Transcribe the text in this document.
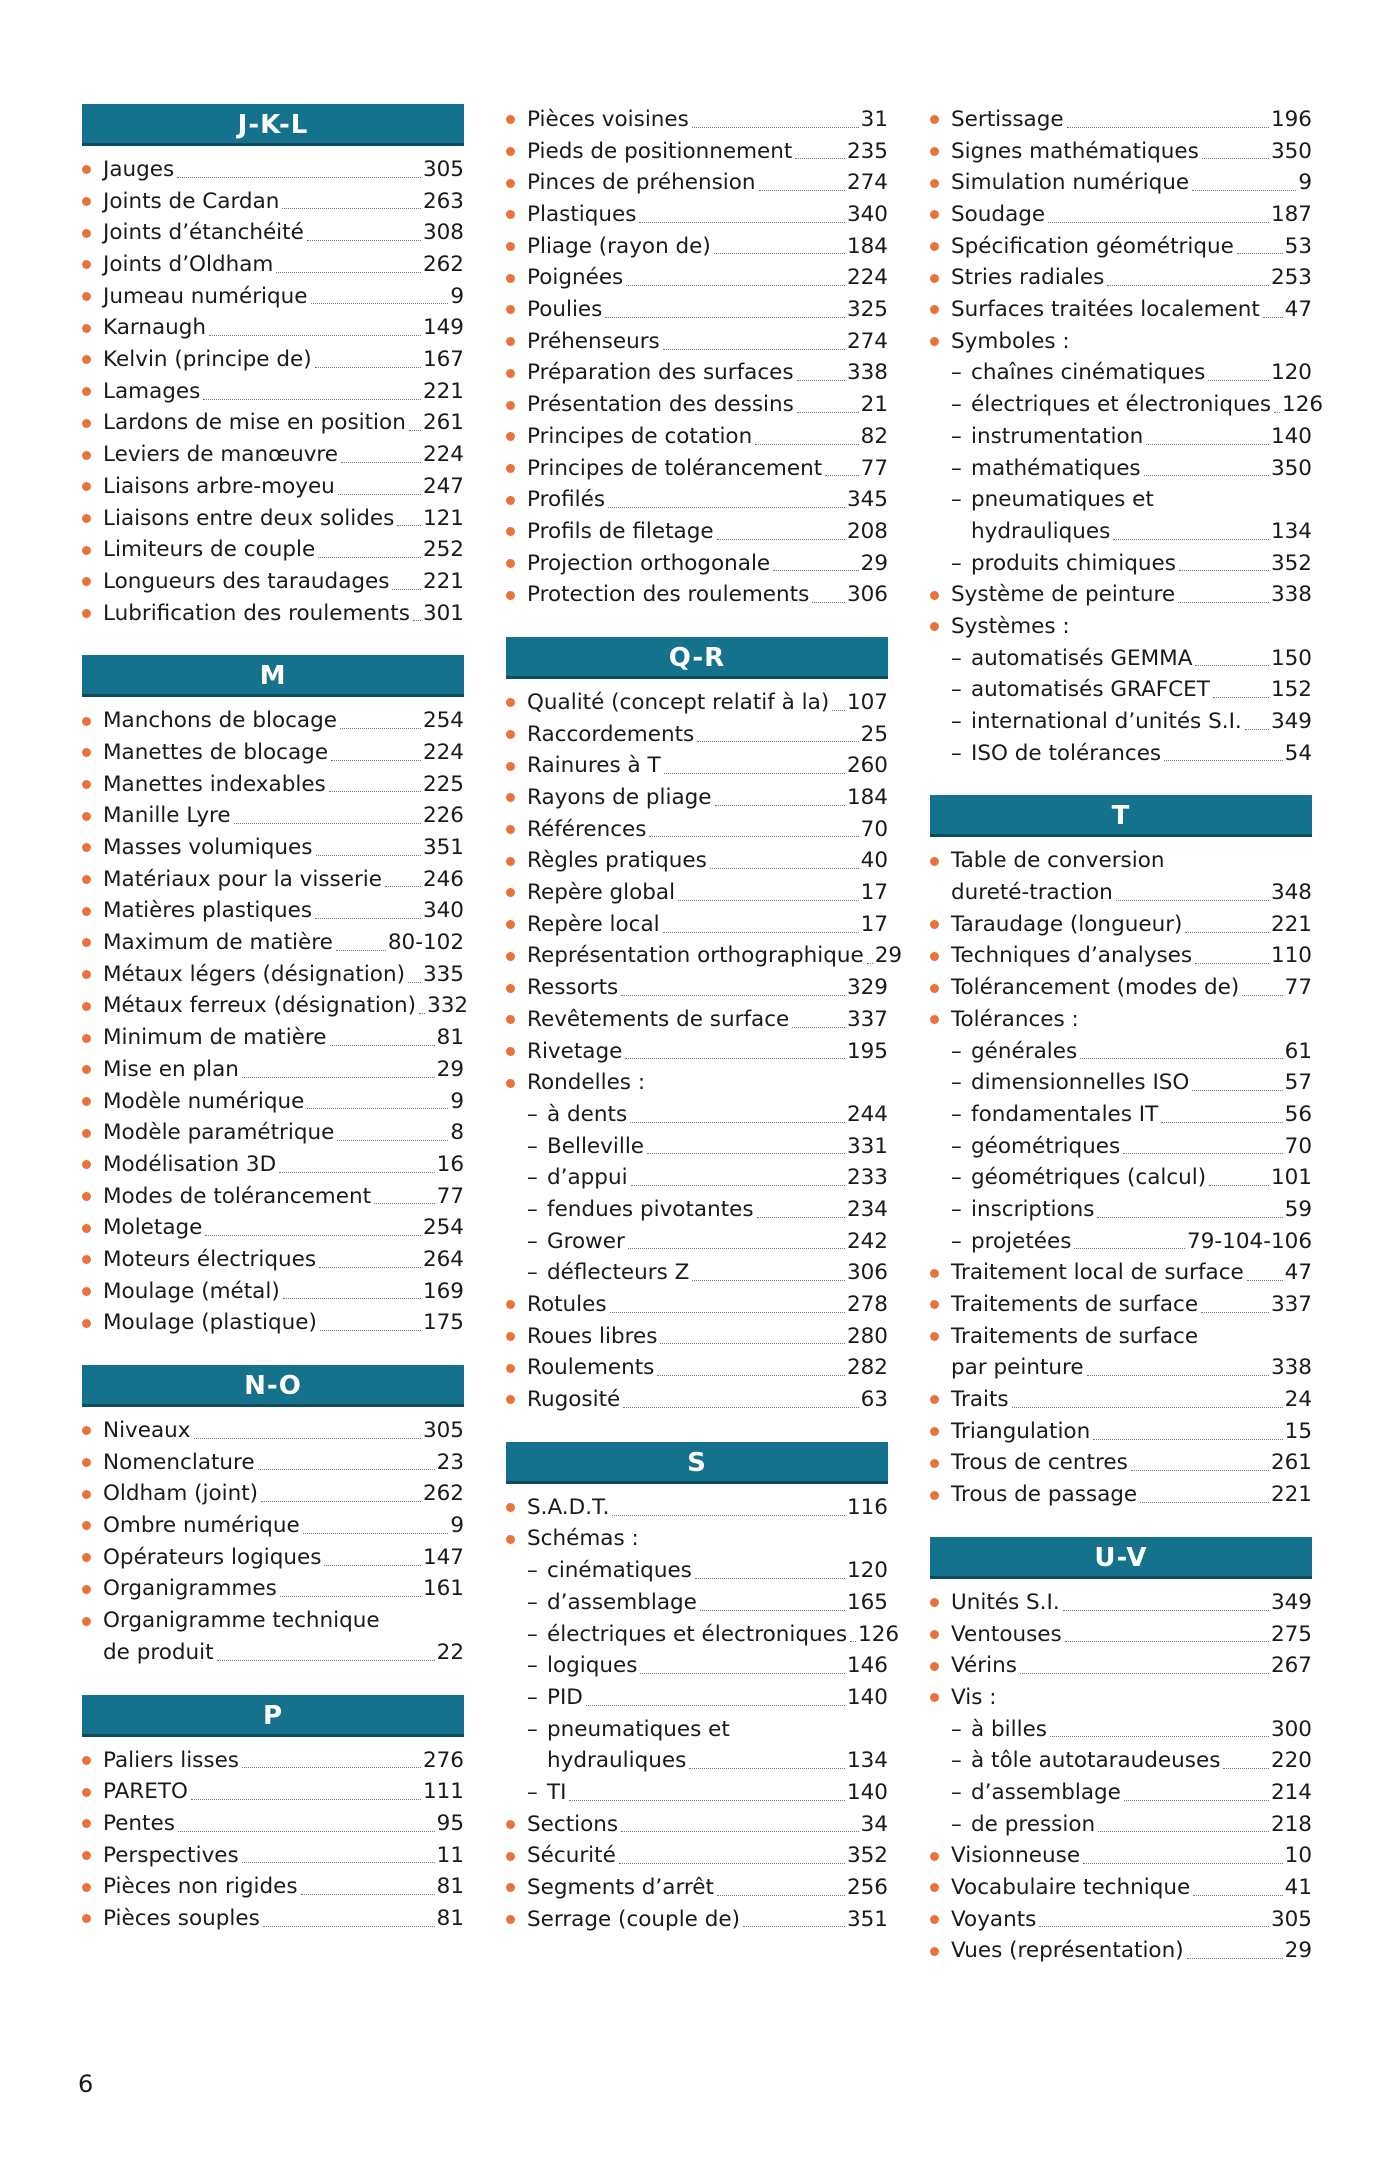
J-K-L
Jauges	305
Joints de Cardan	263
Joints d’étanchéité	308
Joints d’Oldham	262
Jumeau numérique	9
Karnaugh	149
Kelvin (principe de)	167
Lamages	221
Lardons de mise en position 261
Leviers de manœuvre	224
Liaisons arbre-moyeu	247
Liaisons entre deux solides 121
Limiteurs de couple	252
Longueurs des taraudages 221
Lubrification des roulements 301
M
Manchons de blocage	254
Manettes de blocage	224
Manettes indexables	225
Manille Lyre	226
Masses volumiques	351
Matériaux pour la visserie 246
Matières plastiques	340
Maximum de matière	80-102
Métaux légers (désignation) 335
Métaux ferreux (désignation) 332
Minimum de matière	81
Mise en plan	29
Modèle numérique	9
Modèle paramétrique	8
Modélisation 3D	16
Modes de tolérancement	77
Moletage	254
Moteurs électriques	264
Moulage (métal)	169
Moulage (plastique)	175
N-O
Niveaux	305
Nomenclature	23
Oldham (joint)	262
Ombre numérique	9
Opérateurs logiques	147
Organigrammes	161
Organigramme technique
de produit	22
P
Paliers lisses	276
PARETO	111
Pentes	95
Perspectives	11
Pièces non rigides	81
Pièces souples	81
Pièces voisines	31
Pieds de positionnement	235
Pinces de préhension	274
Plastiques	340
Pliage (rayon de)	184
Poignées	224
Poulies	325
Préhenseurs	274
Préparation des surfaces 338
Présentation des dessins	21
Principes de cotation	82
Principes de tolérancement 77
Profilés	345
Profils de filetage	208
Projection orthogonale	29
Protection des roulements 306
Q-R
Qualité (concept relatif à la) 107
Raccordements	25
Rainures à T	260
Rayons de pliage	184
Références	70
Règles pratiques	40
Repère global	17
Repère local	17
Représentation orthographique 29
Ressorts	329
Revêtements de surface	337
Rivetage	195
Rondelles :
– à dents	244
– Belleville	331
– d’appui	233
– fendues pivotantes	234
– Grower	242
– déflecteurs Z	306
Rotules	278
Roues libres	280
Roulements	282
Rugosité	63
S
S.A.D.T.	116
Schémas :
– cinématiques	120
– d’assemblage	165
– électriques et électroniques 126
– logiques	146
– PID	140
– pneumatiques et
hydrauliques	134
– TI	140
Sections	34
Sécurité	352
Segments d’arrêt	256
Serrage (couple de)	351
Sertissage	196
Signes mathématiques	350
Simulation numérique	9
Soudage	187
Spécification géométrique 53
Stries radiales	253
Surfaces traitées localement 47
Symboles :
– chaînes cinématiques	120
– électriques et électroniques 126
– instrumentation	140
– mathématiques	350
– pneumatiques et
hydrauliques	134
– produits chimiques	352
Système de peinture	338
Systèmes :
– automatisés GEMMA	150
– automatisés GRAFCET	152
– international d’unités S.I. 349
– ISO de tolérances	54
T
Table de conversion
dureté-traction	348
Taraudage (longueur)	221
Techniques d’analyses	110
Tolérancement (modes de) 77
Tolérances :
– générales	61
– dimensionnelles ISO	57
– fondamentales IT	56
– géométriques	70
– géométriques (calcul)	101
– inscriptions	59
– projetées	79-104-106
Traitement local de surface 47
Traitements de surface	337
Traitements de surface
par peinture	338
Traits	24
Triangulation	15
Trous de centres	261
Trous de passage	221
U-V
Unités S.I.	349
Ventouses	275
Vérins	267
Vis :
– à billes	300
– à tôle autotaraudeuses 220
– d’assemblage	214
– de pression	218
Visionneuse	10
Vocabulaire technique	41
Voyants	305
Vues (représentation)	29
6
